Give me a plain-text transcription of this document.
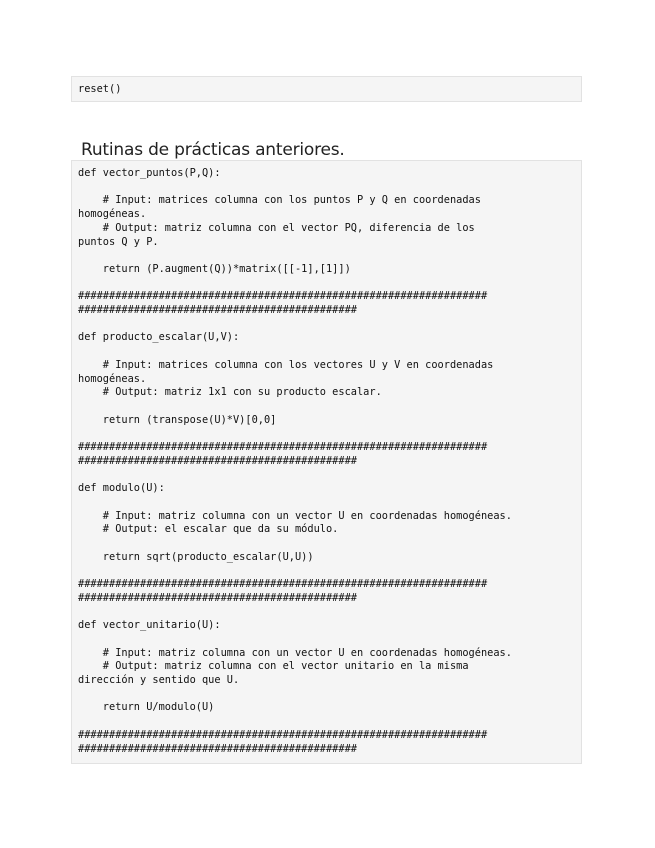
reset()
Rutinas de prácticas anteriores.
def vector_puntos(P,Q):

# Input: matrices columna con los puntos P y Q en coordenadas
homogéneas.
# Output: matriz columna con el vector PQ, diferencia de los
puntos Q y P.

return (P.augment(Q))*matrix([[-1],[1]])

##################################################################
#############################################

def producto_escalar(U,V):

# Input: matrices columna con los vectores U y V en coordenadas
homogéneas.
# Output: matriz 1x1 con su producto escalar.

return (transpose(U)*V)[0,0]

##################################################################
#############################################

def modulo(U):

# Input: matriz columna con un vector U en coordenadas homogéneas.
# Output: el escalar que da su módulo.

return sqrt(producto_escalar(U,U))

##################################################################
#############################################

def vector_unitario(U):

# Input: matriz columna con un vector U en coordenadas homogéneas.
# Output: matriz columna con el vector unitario en la misma
dirección y sentido que U.

return U/modulo(U)

##################################################################
#############################################
